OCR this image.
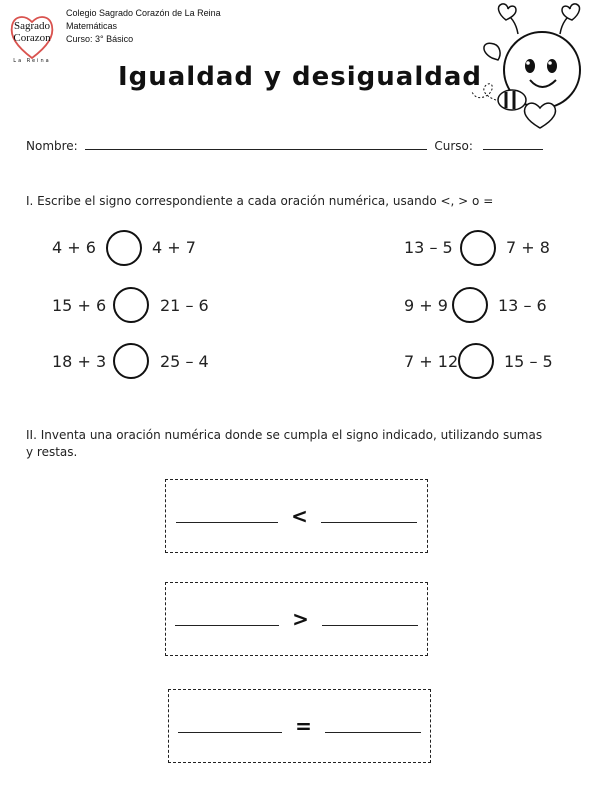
Sagrado
Corazon
La Reina
Colegio Sagrado Corazón de La Reina
Matemáticas
Curso: 3° Básico
Igualdad y desigualdad
Nombre:	Curso:
I. Escribe el signo correspondiente a cada oración numérica, usando <, > o =
4 + 6	4 + 7	13 – 5	7 + 8
15 + 6	21 – 6	9 + 9	13 – 6
18 + 3	25 – 4	7 + 12	15 – 5
II. Inventa una oración numérica donde se cumpla el signo indicado, utilizando sumas
y restas.
<
>
=
